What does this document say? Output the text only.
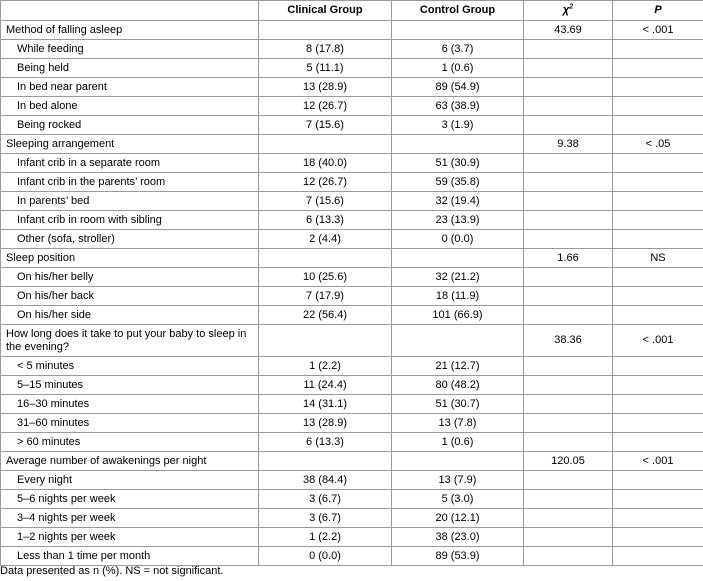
	Clinical Group	Control Group	$\chi^2$	P
Method of falling asleep			43.69	< .001
While feeding	8 (17.8)	6 (3.7)		
Being held	5 (11.1)	1 (0.6)		
In bed near parent	13 (28.9)	89 (54.9)		
In bed alone	12 (26.7)	63 (38.9)		
Being rocked	7 (15.6)	3 (1.9)		
Sleeping arrangement			9.38	< .05
Infant crib in a separate room	18 (40.0)	51 (30.9)		
Infant crib in the parents’ room	12 (26.7)	59 (35.8)		
In parents’ bed	7 (15.6)	32 (19.4)		
Infant crib in room with sibling	6 (13.3)	23 (13.9)		
Other (sofa, stroller)	2 (4.4)	0 (0.0)		
Sleep position			1.66	NS
On his/her belly	10 (25.6)	32 (21.2)		
On his/her back	7 (17.9)	18 (11.9)		
On his/her side	22 (56.4)	101 (66.9)		
How long does it take to put your baby to sleep in the evening?			38.36	< .001
< 5 minutes	1 (2.2)	21 (12.7)		
5–15 minutes	11 (24.4)	80 (48.2)		
16–30 minutes	14 (31.1)	51 (30.7)		
31–60 minutes	13 (28.9)	13 (7.8)		
> 60 minutes	6 (13.3)	1 (0.6)		
Average number of awakenings per night			120.05	< .001
Every night	38 (84.4)	13 (7.9)		
5–6 nights per week	3 (6.7)	5 (3.0)		
3–4 nights per week	3 (6.7)	20 (12.1)		
1–2 nights per week	1 (2.2)	38 (23.0)		
Less than 1 time per month	0 (0.0)	89 (53.9)		
Data presented as n (%). NS = not significant.
